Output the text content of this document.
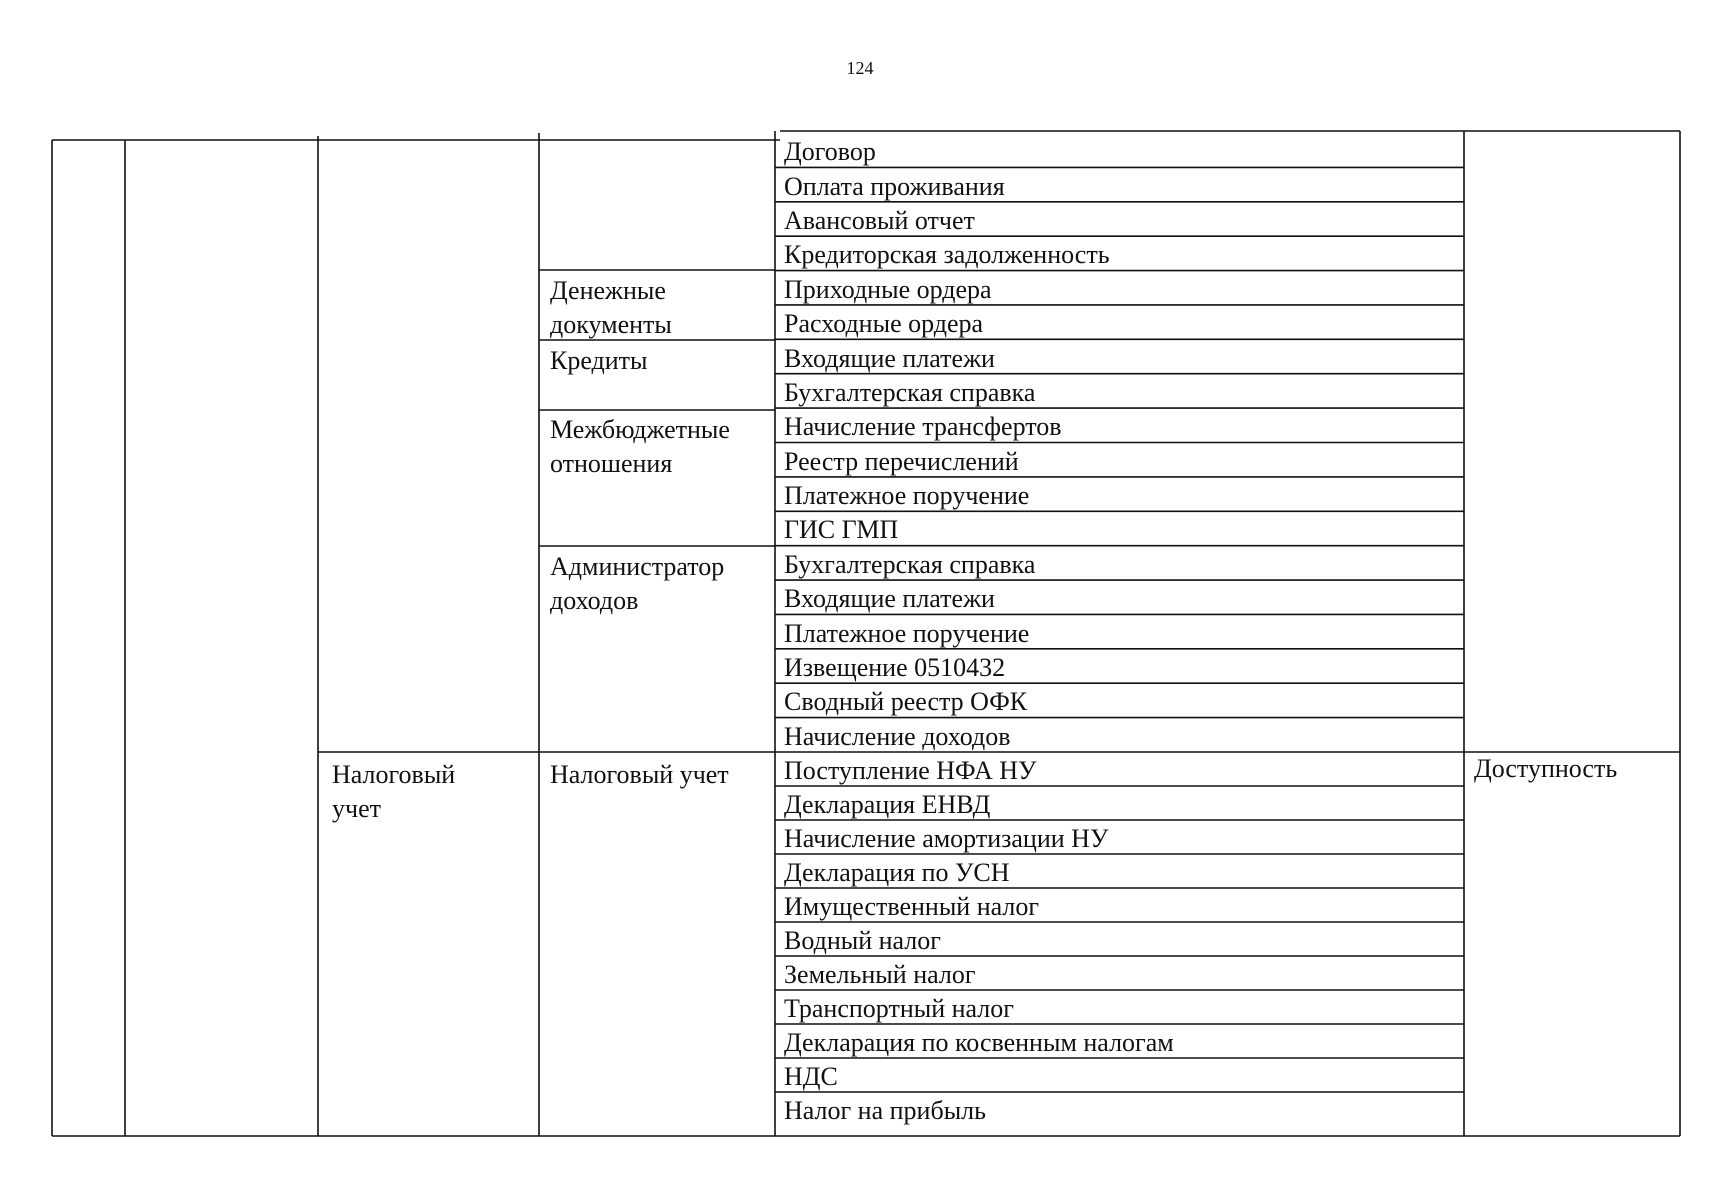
124
Налоговый
учет
Денежные
документы
Кредиты
Межбюджетные
отношения
Администратор
доходов
Налоговый учет	Доступность
Договор
Оплата проживания
Авансовый отчет
Кредиторская задолженность
Приходные ордера
Расходные ордера
Входящие платежи
Бухгалтерская справка
Начисление трансфертов
Реестр перечислений
Платежное поручение
ГИС ГМП
Бухгалтерская справка
Входящие платежи
Платежное поручение
Извещение 0510432
Сводный реестр ОФК
Начисление доходов
Поступление НФА НУ
Декларация ЕНВД
Начисление амортизации НУ
Декларация по УСН
Имущественный налог
Водный налог
Земельный налог
Транспортный налог
Декларация по косвенным налогам
НДС
Налог на прибыль
